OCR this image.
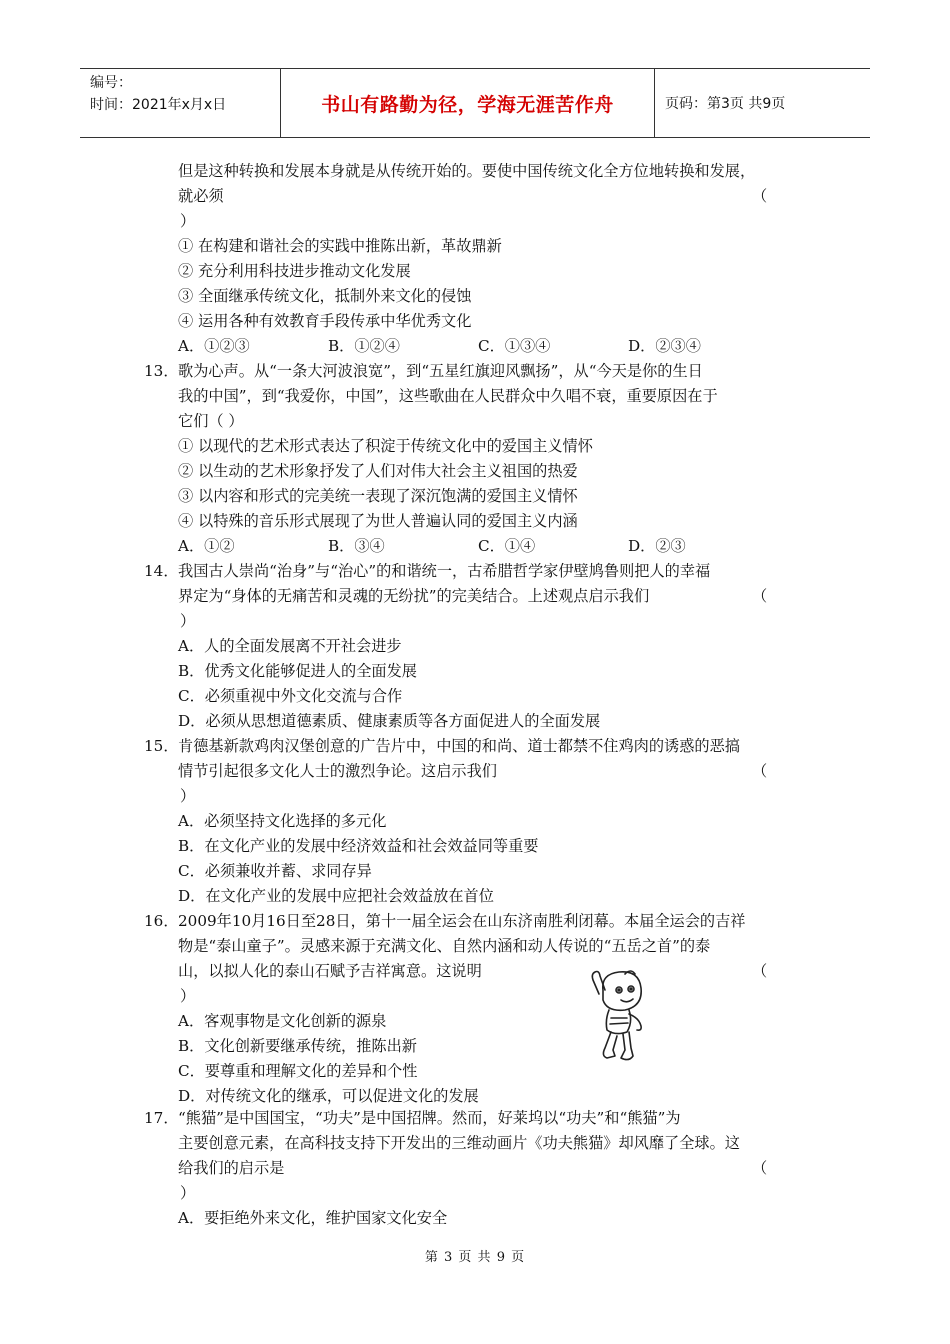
编号：
时间：2021年x月x日	书山有路勤为径，学海无涯苦作舟	页码：第3页 共9页
但是这种转换和发展本身就是从传统开始的。要使中国传统文化全方位地转换和发展，
就必须	（
）
① 在构建和谐社会的实践中推陈出新，革故鼎新
② 充分利用科技进步推动文化发展
③ 全面继承传统文化，抵制外来文化的侵蚀
④ 运用各种有效教育手段传承中华优秀文化
A．①②③	B．①②④	C．①③④	D．②③④
13． 歌为心声。从“一条大河波浪宽”，到“五星红旗迎风飘扬”，从“今天是你的生日
我的中国”，到“我爱你，中国”，这些歌曲在人民群众中久唱不衰，重要原因在于
它们（ ）
① 以现代的艺术形式表达了积淀于传统文化中的爱国主义情怀
② 以生动的艺术形象抒发了人们对伟大社会主义祖国的热爱
③ 以内容和形式的完美统一表现了深沉饱满的爱国主义情怀
④ 以特殊的音乐形式展现了为世人普遍认同的爱国主义内涵
A．①②	B．③④	C．①④	D．②③
14． 我国古人崇尚“治身”与“治心”的和谐统一，古希腊哲学家伊壁鸠鲁则把人的幸福
界定为“身体的无痛苦和灵魂的无纷扰”的完美结合。上述观点启示我们	（
）
A．人的全面发展离不开社会进步
B．优秀文化能够促进人的全面发展
C．必须重视中外文化交流与合作
D．必须从思想道德素质、健康素质等各方面促进人的全面发展
15． 肯德基新款鸡肉汉堡创意的广告片中，中国的和尚、道士都禁不住鸡肉的诱惑的恶搞
情节引起很多文化人士的激烈争论。这启示我们	（
）
A．必须坚持文化选择的多元化
B．在文化产业的发展中经济效益和社会效益同等重要
C．必须兼收并蓄、求同存异
D．在文化产业的发展中应把社会效益放在首位
16． 2009年10月16日至28日，第十一届全运会在山东济南胜利闭幕。本届全运会的吉祥
物是“泰山童子”。灵感来源于充满文化、自然内涵和动人传说的“五岳之首”的泰
山，以拟人化的泰山石赋予吉祥寓意。这说明	（
）
A．客观事物是文化创新的源泉
B．文化创新要继承传统，推陈出新
C．要尊重和理解文化的差异和个性
D．对传统文化的继承，可以促进文化的发展
17． “熊猫”是中国国宝，“功夫”是中国招牌。然而，好莱坞以“功夫”和“熊猫”为
主要创意元素，在高科技支持下开发出的三维动画片《功夫熊猫》却风靡了全球。这
给我们的启示是	（
）
A．要拒绝外来文化，维护国家文化安全
第 3 页 共 9 页
